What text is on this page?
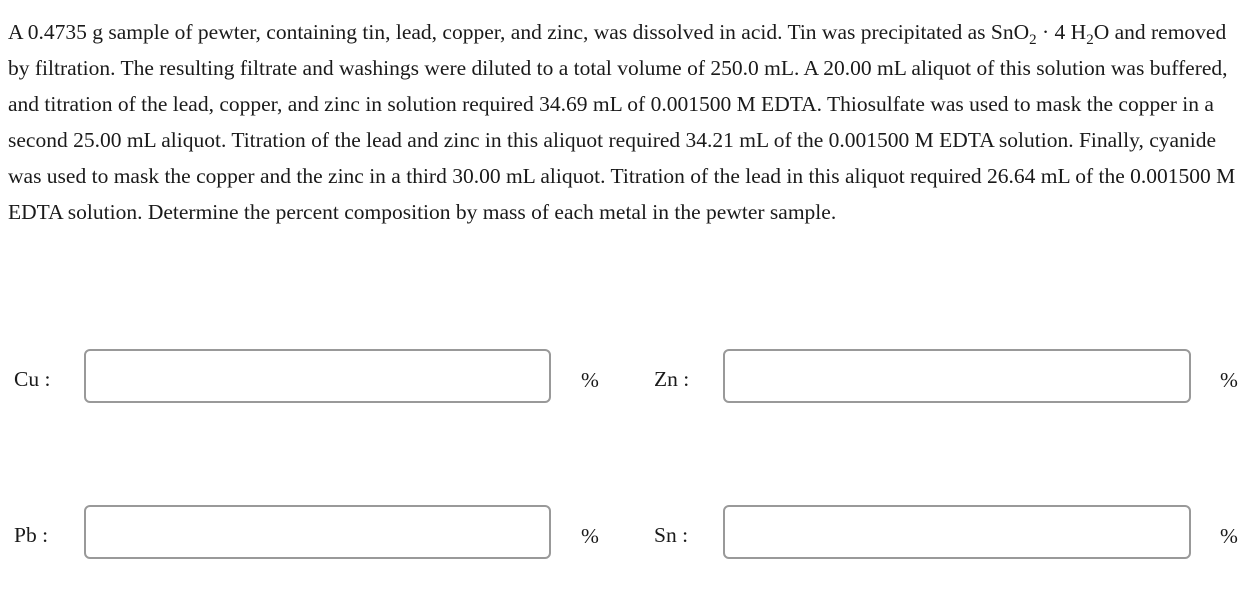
A 0.4735 g sample of pewter, containing tin, lead, copper, and zinc, was dissolved in acid. Tin was precipitated as SnO$_2$ · 4 $H_2O$ and removed by filtration. The resulting filtrate and washings were diluted to a total volume of 250.0 mL. A 20.00 mL aliquot of this solution was buffered, and titration of the lead, copper, and zinc in solution required 34.69 mL of 0.001500 M EDTA. Thiosulfate was used to mask the copper in a second 25.00 mL aliquot. Titration of the lead and zinc in this aliquot required 34.21 mL of the 0.001500 M EDTA solution. Finally, cyanide was used to mask the copper and the zinc in a third 30.00 mL aliquot. Titration of the lead in this aliquot required 26.64 mL of the 0.001500 M EDTA solution. Determine the percent composition by mass of each metal in the pewter sample.
Cu :	%	Zn :	%
Pb :	%	Sn :	%
